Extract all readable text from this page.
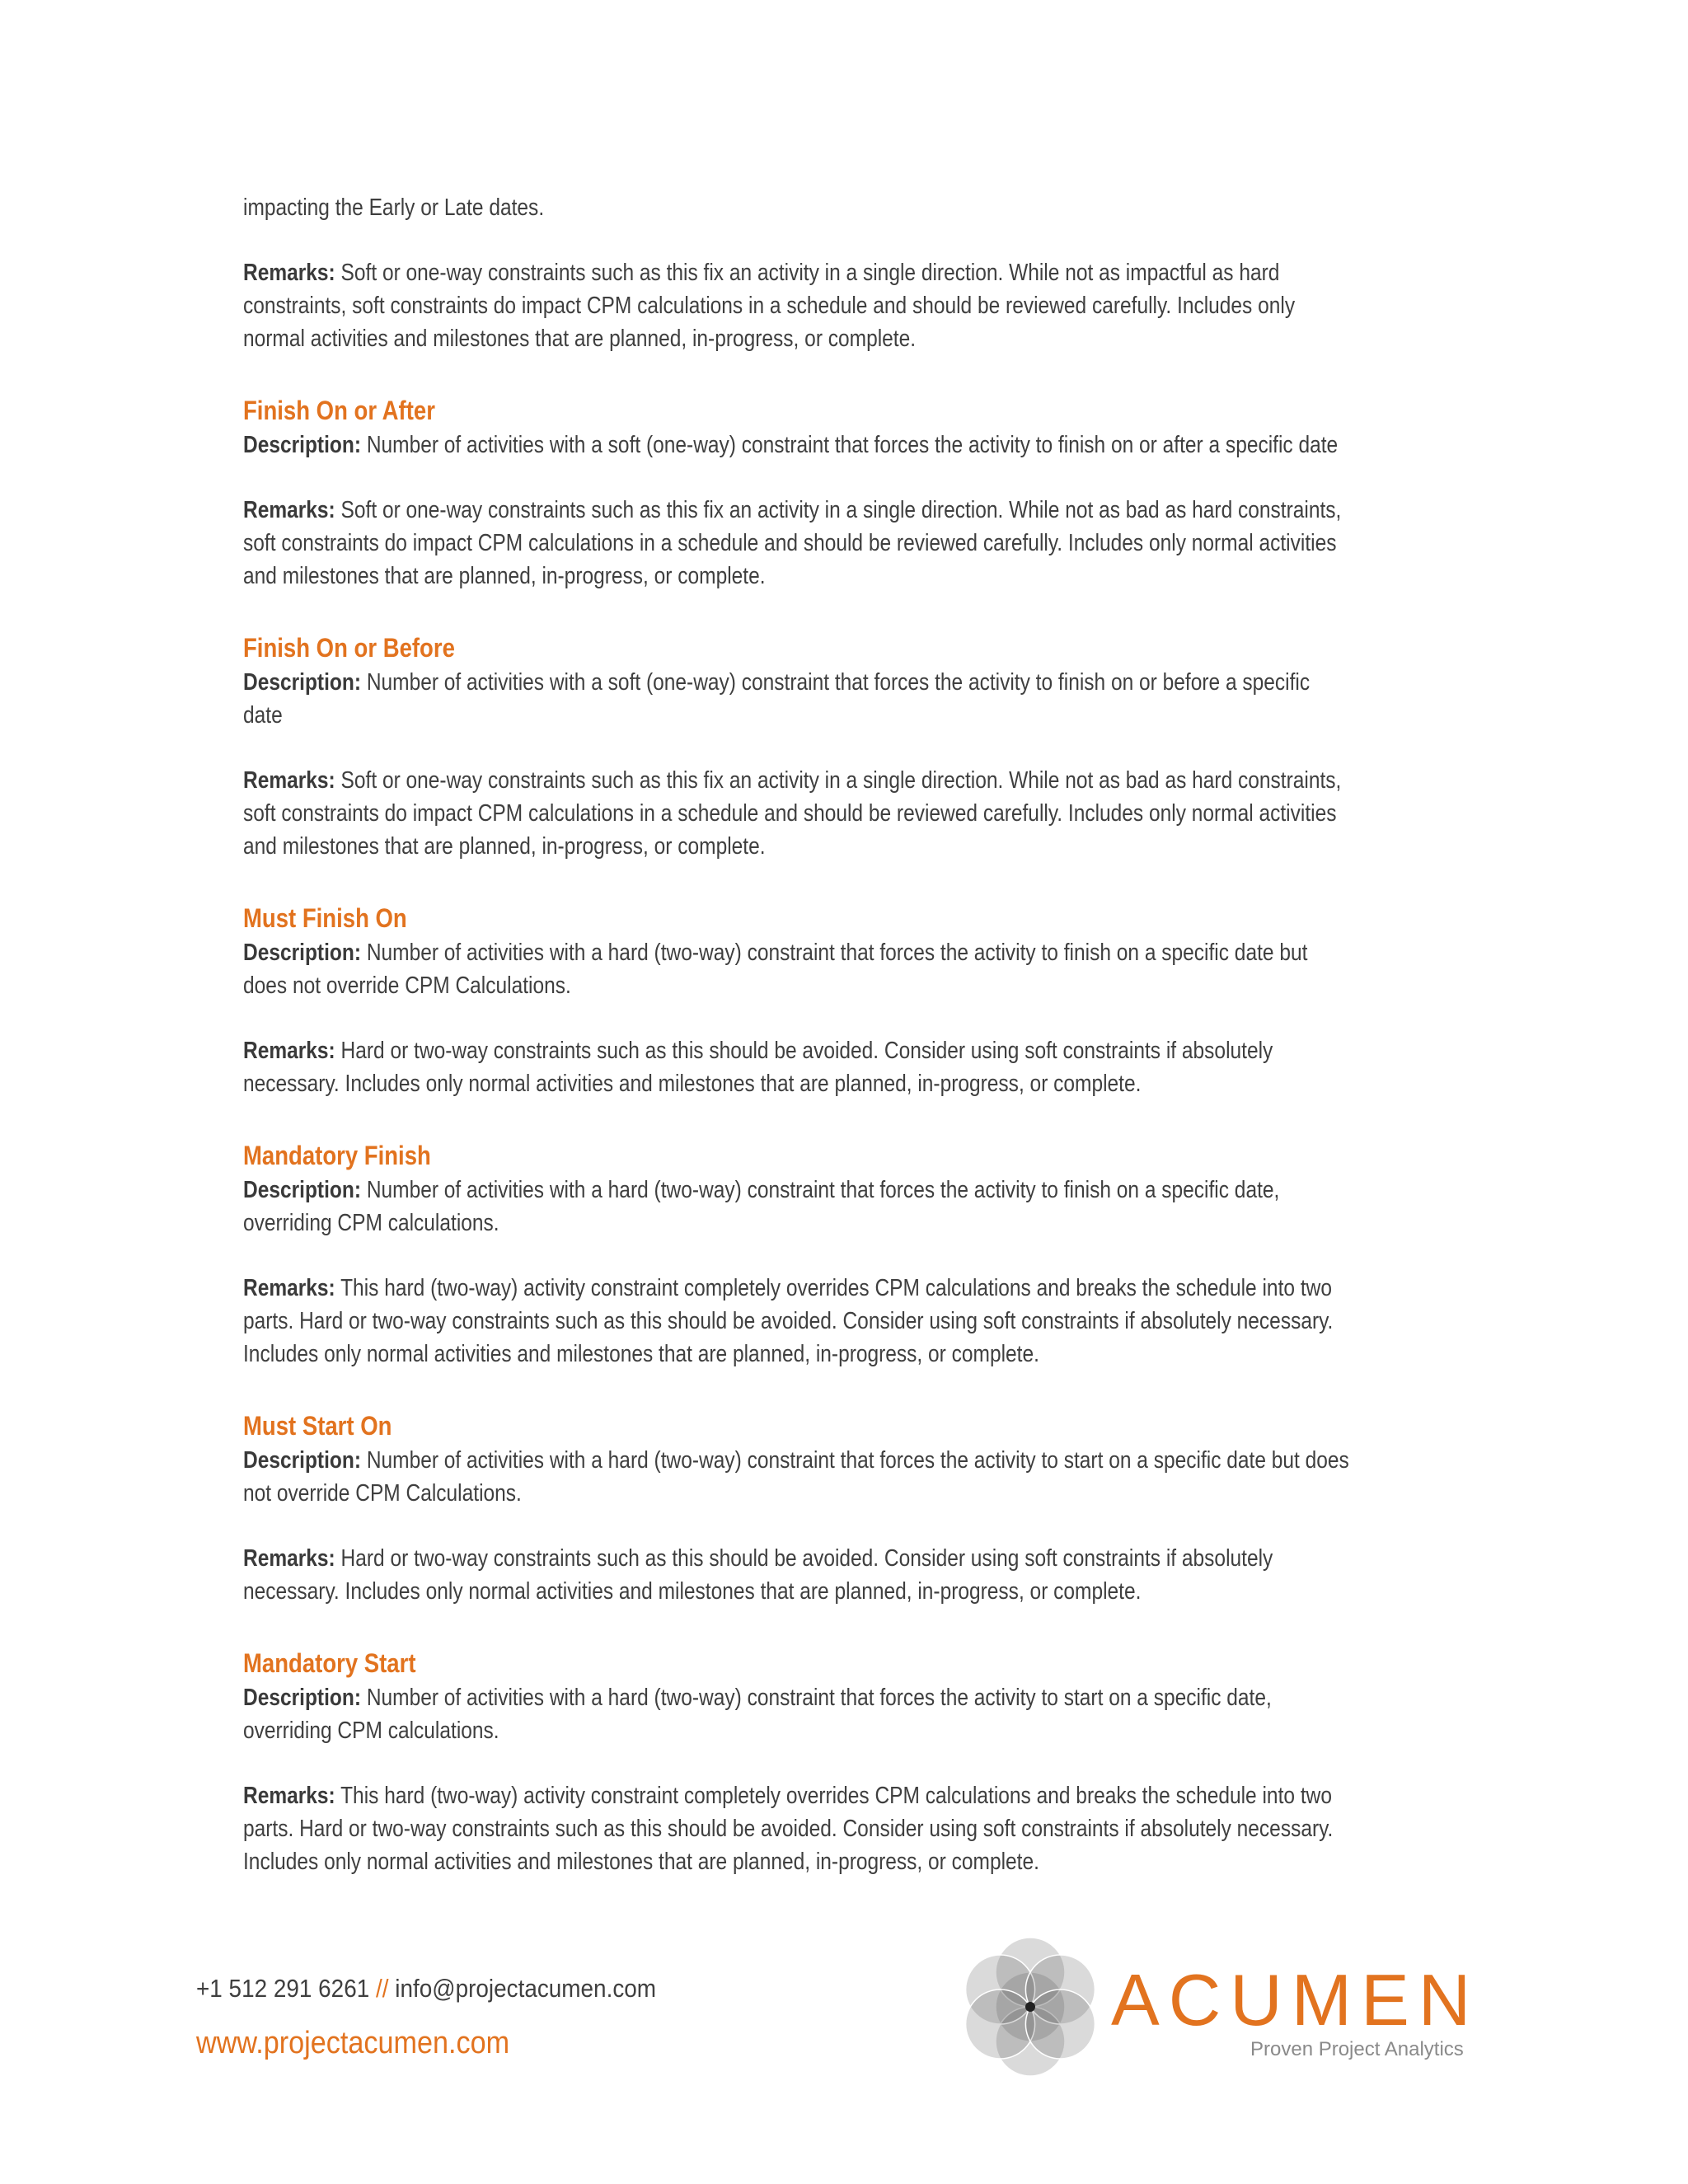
impacting the Early or Late dates.

Remarks: Soft or one-way constraints such as this fix an activity in a single direction. While not as impactful as hard
constraints, soft constraints do impact CPM calculations in a schedule and should be reviewed carefully. Includes only
normal activities and milestones that are planned, in-progress, or complete.

Finish On or After

Description: Number of activities with a soft (one-way) constraint that forces the activity to finish on or after a specific date

Remarks: Soft or one-way constraints such as this fix an activity in a single direction. While not as bad as hard constraints,
soft constraints do impact CPM calculations in a schedule and should be reviewed carefully. Includes only normal activities
and milestones that are planned, in-progress, or complete.

Finish On or Before

Description: Number of activities with a soft (one-way) constraint that forces the activity to finish on or before a specific
date

Remarks: Soft or one-way constraints such as this fix an activity in a single direction. While not as bad as hard constraints,
soft constraints do impact CPM calculations in a schedule and should be reviewed carefully. Includes only normal activities
and milestones that are planned, in-progress, or complete.

Must Finish On

Description: Number of activities with a hard (two-way) constraint that forces the activity to finish on a specific date but
does not override CPM Calculations.

Remarks: Hard or two-way constraints such as this should be avoided. Consider using soft constraints if absolutely
necessary. Includes only normal activities and milestones that are planned, in-progress, or complete.

Mandatory Finish

Description: Number of activities with a hard (two-way) constraint that forces the activity to finish on a specific date,
overriding CPM calculations.

Remarks: This hard (two-way) activity constraint completely overrides CPM calculations and breaks the schedule into two
parts. Hard or two-way constraints such as this should be avoided. Consider using soft constraints if absolutely necessary.
Includes only normal activities and milestones that are planned, in-progress, or complete.

Must Start On

Description: Number of activities with a hard (two-way) constraint that forces the activity to start on a specific date but does
not override CPM Calculations.

Remarks: Hard or two-way constraints such as this should be avoided. Consider using soft constraints if absolutely
necessary. Includes only normal activities and milestones that are planned, in-progress, or complete.

Mandatory Start

Description: Number of activities with a hard (two-way) constraint that forces the activity to start on a specific date,
overriding CPM calculations.

Remarks: This hard (two-way) activity constraint completely overrides CPM calculations and breaks the schedule into two
parts. Hard or two-way constraints such as this should be avoided. Consider using soft constraints if absolutely necessary.
Includes only normal activities and milestones that are planned, in-progress, or complete.

+1 512 291 6261 // info@projectacumen.com
www.projectacumen.com
ACUMEN
Proven Project Analytics
